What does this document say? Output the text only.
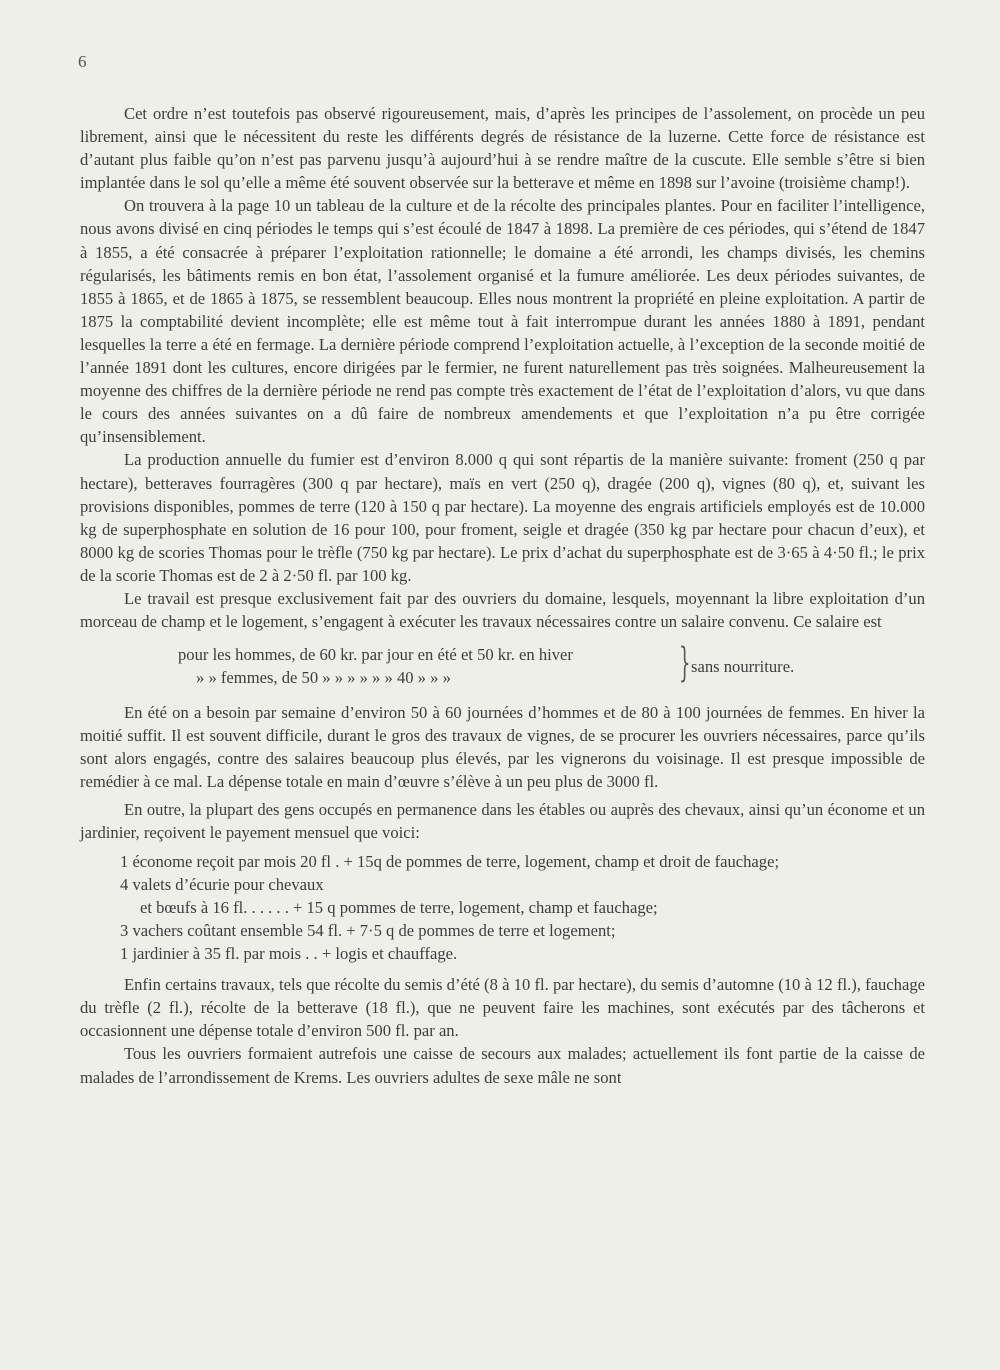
6

Cet ordre n’est toutefois pas observé rigoureusement, mais, d’après les principes de l’assolement, on procède un peu librement, ainsi que le nécessitent du reste les différents degrés de résistance de la luzerne. Cette force de résistance est d’autant plus faible qu’on n’est pas parvenu jusqu’à aujourd’hui à se rendre maître de la cuscute. Elle semble s’être si bien implantée dans le sol qu’elle a même été souvent observée sur la betterave et même en 1898 sur l’avoine (troisième champ!).

On trouvera à la page 10 un tableau de la culture et de la récolte des principales plantes. Pour en faciliter l’intelligence, nous avons divisé en cinq périodes le temps qui s’est écoulé de 1847 à 1898. La première de ces périodes, qui s’étend de 1847 à 1855, a été consacrée à préparer l’exploitation rationnelle; le domaine a été arrondi, les champs divisés, les chemins régularisés, les bâtiments remis en bon état, l’assolement organisé et la fumure améliorée. Les deux périodes suivantes, de 1855 à 1865, et de 1865 à 1875, se ressemblent beaucoup. Elles nous montrent la propriété en pleine exploitation. A partir de 1875 la comptabilité devient incomplète; elle est même tout à fait interrompue durant les années 1880 à 1891, pendant lesquelles la terre a été en fermage. La dernière période comprend l’exploitation actuelle, à l’exception de la seconde moitié de l’année 1891 dont les cultures, encore dirigées par le fermier, ne furent naturellement pas très soignées. Malheureusement la moyenne des chiffres de la dernière période ne rend pas compte très exactement de l’état de l’exploitation d’alors, vu que dans le cours des années suivantes on a dû faire de nombreux amendements et que l’exploitation n’a pu être corrigée qu’insensiblement.

La production annuelle du fumier est d’environ 8.000 q qui sont répartis de la manière suivante: froment (250 q par hectare), betteraves fourragères (300 q par hectare), maïs en vert (250 q), dragée (200 q), vignes (80 q), et, suivant les provisions disponibles, pommes de terre (120 à 150 q par hectare). La moyenne des engrais artificiels employés est de 10.000 kg de superphosphate en solution de 16 pour 100, pour froment, seigle et dragée (350 kg par hectare pour chacun d’eux), et 8000 kg de scories Thomas pour le trèfle (750 kg par hectare). Le prix d’achat du superphosphate est de 3·65 à 4·50 fl.; le prix de la scorie Thomas est de 2 à 2·50 fl. par 100 kg.

Le travail est presque exclusivement fait par des ouvriers du domaine, lesquels, moyennant la libre exploitation d’un morceau de champ et le logement, s’engagent à exécuter les travaux nécessaires contre un salaire convenu. Ce salaire est

pour les hommes, de 60 kr. par jour en été et 50 kr. en hiver
» » femmes, de 50 » » » » » » 40 » » »	} sans nourriture.

En été on a besoin par semaine d’environ 50 à 60 journées d’hommes et de 80 à 100 journées de femmes. En hiver la moitié suffit. Il est souvent difficile, durant le gros des travaux de vignes, de se procurer les ouvriers nécessaires, parce qu’ils sont alors engagés, contre des salaires beaucoup plus élevés, par les vignerons du voisinage. Il est presque impossible de remédier à ce mal. La dépense totale en main d’œuvre s’élève à un peu plus de 3000 fl.

En outre, la plupart des gens occupés en permanence dans les étables ou auprès des chevaux, ainsi qu’un économe et un jardinier, reçoivent le payement mensuel que voici:

1 économe reçoit par mois 20 fl . + 15q de pommes de terre, logement, champ et droit de fauchage;
4 valets d’écurie pour chevaux
et bœufs à 16 fl. . . . . . + 15 q pommes de terre, logement, champ et fauchage;
3 vachers coûtant ensemble 54 fl. + 7·5 q de pommes de terre et logement;
1 jardinier à 35 fl. par mois . . + logis et chauffage.

Enfin certains travaux, tels que récolte du semis d’été (8 à 10 fl. par hectare), du semis d’automne (10 à 12 fl.), fauchage du trèfle (2 fl.), récolte de la betterave (18 fl.), que ne peuvent faire les machines, sont exécutés par des tâcherons et occasionnent une dépense totale d’environ 500 fl. par an.

Tous les ouvriers formaient autrefois une caisse de secours aux malades; actuellement ils font partie de la caisse de malades de l’arrondissement de Krems. Les ouvriers adultes de sexe mâle ne sont
